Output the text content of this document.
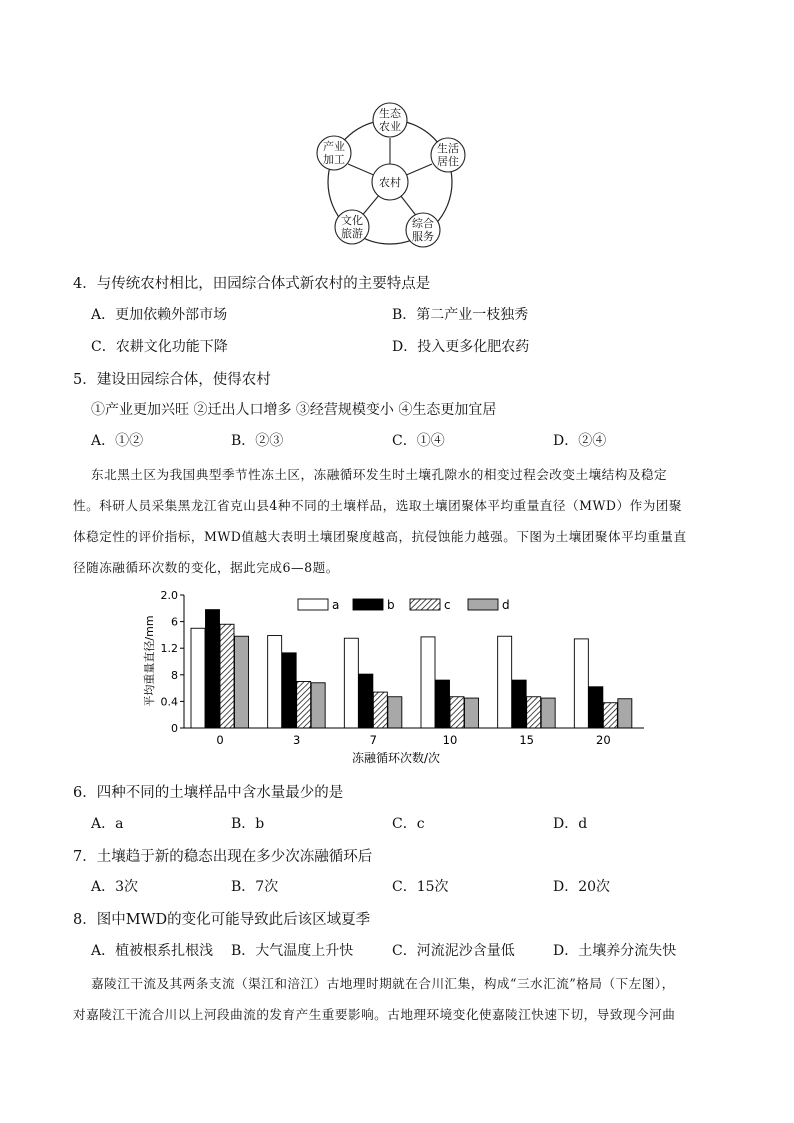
农村
生态
农业
生活
居住
综合
服务
文化
旅游
产业
加工
4．与传统农村相比，田园综合体式新农村的主要特点是
A．更加依赖外部市场	B．第二产业一枝独秀
C．农耕文化功能下降	D．投入更多化肥农药
5．建设田园综合体，使得农村
①产业更加兴旺 ②迁出人口增多 ③经营规模变小 ④生态更加宜居
A．①②	B．②③	C．①④	D．②④
东北黑土区为我国典型季节性冻土区，冻融循环发生时土壤孔隙水的相变过程会改变土壤结构及稳定
性。科研人员采集黑龙江省克山县4种不同的土壤样品，选取土壤团聚体平均重量直径（MWD）作为团聚
体稳定性的评价指标，MWD值越大表明土壤团聚度越高，抗侵蚀能力越强。下图为土壤团聚体平均重量直
径随冻融循环次数的变化，据此完成6—8题。
平均重量直径/mm
0
0.4
8
1.2
6
2.0
0	3	7	10	15	20
a	b	c	d
冻融循环次数/次
6．四种不同的土壤样品中含水量最少的是
A．a	B．b	C．c	D．d
7．土壤趋于新的稳态出现在多少次冻融循环后
A．3次	B．7次	C．15次	D．20次
8．图中MWD的变化可能导致此后该区域夏季
A．植被根系扎根浅 B．大气温度上升快	C．河流泥沙含量低	D．土壤养分流失快
嘉陵江干流及其两条支流（渠江和涪江）古地理时期就在合川汇集，构成“三水汇流”格局（下左图），
对嘉陵江干流合川以上河段曲流的发育产生重要影响。古地理环境变化使嘉陵江快速下切，导致现今河曲
